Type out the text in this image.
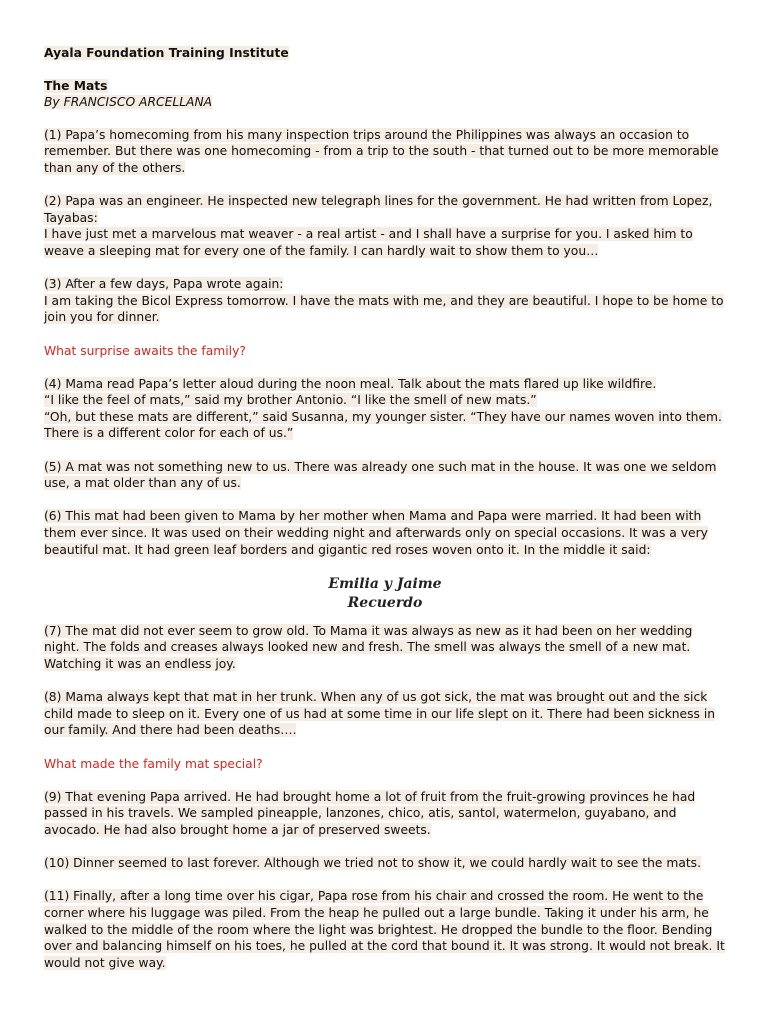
Ayala Foundation Training Institute

The Mats

By FRANCISCO ARCELLANA

(1) Papa’s homecoming from his many inspection trips around the Philippines was always an occasion to remember. But there was one homecoming - from a trip to the south - that turned out to be more memorable than any of the others.

(2) Papa was an engineer. He inspected new telegraph lines for the government. He had written from Lopez, Tayabas:
I have just met a marvelous mat weaver - a real artist - and I shall have a surprise for you. I asked him to weave a sleeping mat for every one of the family. I can hardly wait to show them to you…

(3) After a few days, Papa wrote again:
I am taking the Bicol Express tomorrow. I have the mats with me, and they are beautiful. I hope to be home to join you for dinner.

What surprise awaits the family?

(4) Mama read Papa’s letter aloud during the noon meal. Talk about the mats flared up like wildfire.
“I like the feel of mats,” said my brother Antonio. “I like the smell of new mats.”
“Oh, but these mats are different,” said Susanna, my younger sister. “They have our names woven into them. There is a different color for each of us.”

(5) A mat was not something new to us. There was already one such mat in the house. It was one we seldom use, a mat older than any of us.

(6) This mat had been given to Mama by her mother when Mama and Papa were married. It had been with them ever since. It was used on their wedding night and afterwards only on special occasions. It was a very beautiful mat. It had green leaf borders and gigantic red roses woven onto it. In the middle it said:

Emilia y Jaime
Recuerdo

(7) The mat did not ever seem to grow old. To Mama it was always as new as it had been on her wedding night. The folds and creases always looked new and fresh. The smell was always the smell of a new mat. Watching it was an endless joy.

(8) Mama always kept that mat in her trunk. When any of us got sick, the mat was brought out and the sick child made to sleep on it. Every one of us had at some time in our life slept on it. There had been sickness in our family. And there had been deaths….

What made the family mat special?

(9) That evening Papa arrived. He had brought home a lot of fruit from the fruit-growing provinces he had passed in his travels. We sampled pineapple, lanzones, chico, atis, santol, watermelon, guyabano, and avocado. He had also brought home a jar of preserved sweets.

(10) Dinner seemed to last forever. Although we tried not to show it, we could hardly wait to see the mats.

(11) Finally, after a long time over his cigar, Papa rose from his chair and crossed the room. He went to the corner where his luggage was piled. From the heap he pulled out a large bundle. Taking it under his arm, he walked to the middle of the room where the light was brightest. He dropped the bundle to the floor. Bending over and balancing himself on his toes, he pulled at the cord that bound it. It was strong. It would not break. It would not give way.
